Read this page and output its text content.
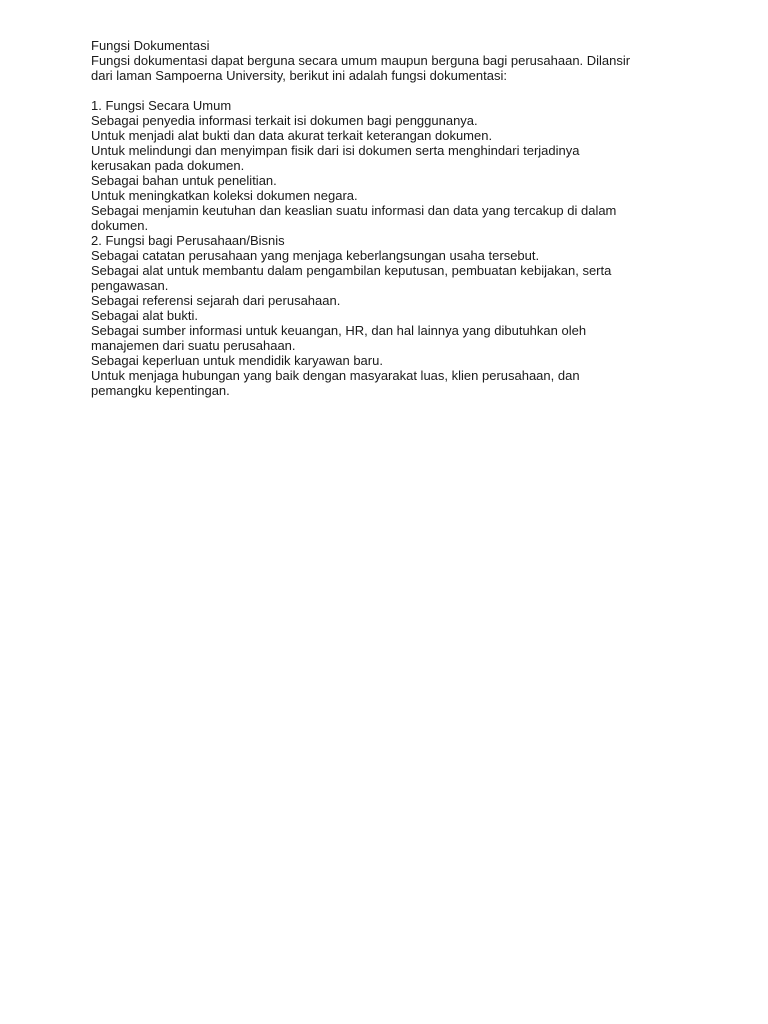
Fungsi Dokumentasi
Fungsi dokumentasi dapat berguna secara umum maupun berguna bagi perusahaan. Dilansir
dari laman Sampoerna University, berikut ini adalah fungsi dokumentasi:
1. Fungsi Secara Umum
Sebagai penyedia informasi terkait isi dokumen bagi penggunanya.
Untuk menjadi alat bukti dan data akurat terkait keterangan dokumen.
Untuk melindungi dan menyimpan fisik dari isi dokumen serta menghindari terjadinya
kerusakan pada dokumen.
Sebagai bahan untuk penelitian.
Untuk meningkatkan koleksi dokumen negara.
Sebagai menjamin keutuhan dan keaslian suatu informasi dan data yang tercakup di dalam
dokumen.
2. Fungsi bagi Perusahaan/Bisnis
Sebagai catatan perusahaan yang menjaga keberlangsungan usaha tersebut.
Sebagai alat untuk membantu dalam pengambilan keputusan, pembuatan kebijakan, serta
pengawasan.
Sebagai referensi sejarah dari perusahaan.
Sebagai alat bukti.
Sebagai sumber informasi untuk keuangan, HR, dan hal lainnya yang dibutuhkan oleh
manajemen dari suatu perusahaan.
Sebagai keperluan untuk mendidik karyawan baru.
Untuk menjaga hubungan yang baik dengan masyarakat luas, klien perusahaan, dan
pemangku kepentingan.
